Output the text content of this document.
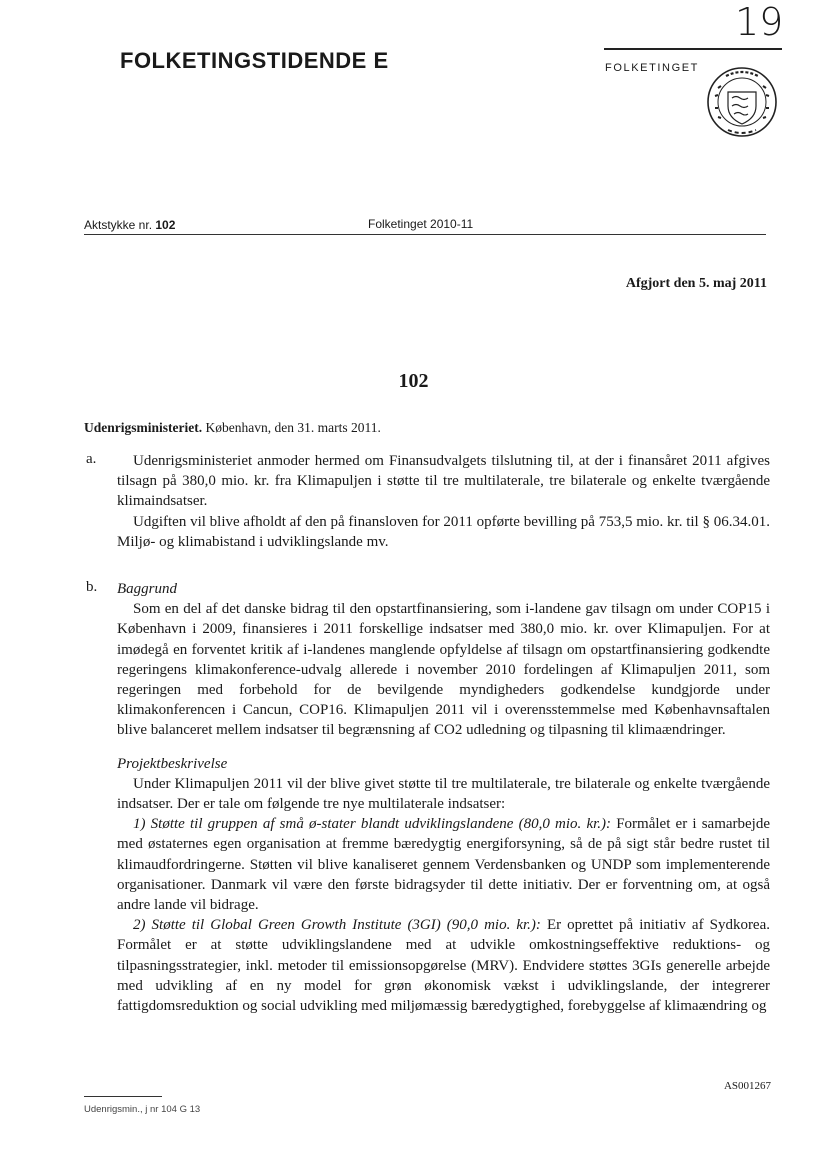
FOLKETINGSTIDENDE E
19
FOLKETINGET
Aktstykke nr. 102	Folketinget 2010-11
Afgjort den 5. maj 2011
102
Udenrigsministeriet. København, den 31. marts 2011.
a.	Udenrigsministeriet anmoder hermed om Finansudvalgets tilslutning til, at der i finansåret 2011 afgives tilsagn på 380,0 mio. kr. fra Klimapuljen i støtte til tre multilaterale, tre bilaterale og enkelte tværgående klimaindsatser.

Udgiften vil blive afholdt af den på finansloven for 2011 opførte bevilling på 753,5 mio. kr. til § 06.34.01. Miljø- og klimabistand i udviklingslande mv.

b. Baggrund

Som en del af det danske bidrag til den opstartfinansiering, som i-landene gav tilsagn om under COP15 i København i 2009, finansieres i 2011 forskellige indsatser med 380,0 mio. kr. over Klimapuljen. For at imødegå en forventet kritik af i-landenes manglende opfyldelse af tilsagn om opstartfinansiering godkendte regeringens klimakonference-udvalg allerede i november 2010 fordelingen af Klimapuljen 2011, som regeringen med forbehold for de bevilgende myndigheders godkendelse kundgjorde under klimakonferencen i Cancun, COP16. Klimapuljen 2011 vil i overensstemmelse med Københavnsaftalen blive balanceret mellem indsatser til begrænsning af CO2 udledning og tilpasning til klimaændringer.

Projektbeskrivelse

Under Klimapuljen 2011 vil der blive givet støtte til tre multilaterale, tre bilaterale og enkelte tværgående indsatser. Der er tale om følgende tre nye multilaterale indsatser:

1) Støtte til gruppen af små ø-stater blandt udviklingslandene (80,0 mio. kr.): Formålet er i samarbejde med østaternes egen organisation at fremme bæredygtig energiforsyning, så de på sigt står bedre rustet til klimaudfordringerne. Støtten vil blive kanaliseret gennem Verdensbanken og UNDP som implementerende organisationer. Danmark vil være den første bidragsyder til dette initiativ. Der er forventning om, at også andre lande vil bidrage.

2) Støtte til Global Green Growth Institute (3GI) (90,0 mio. kr.): Er oprettet på initiativ af Sydkorea. Formålet er at støtte udviklingslandene med at udvikle omkostningseffektive reduktions- og tilpasningsstrategier, inkl. metoder til emissionsopgørelse (MRV). Endvidere støttes 3GIs generelle arbejde med udvikling af en ny model for grøn økonomisk vækst i udviklingslande, der integrerer fattigdomsreduktion og social udvikling med miljømæssig bæredygtighed, forebyggelse af klimaændring og

AS001267
Udenrigsmin., j nr 104 G 13
